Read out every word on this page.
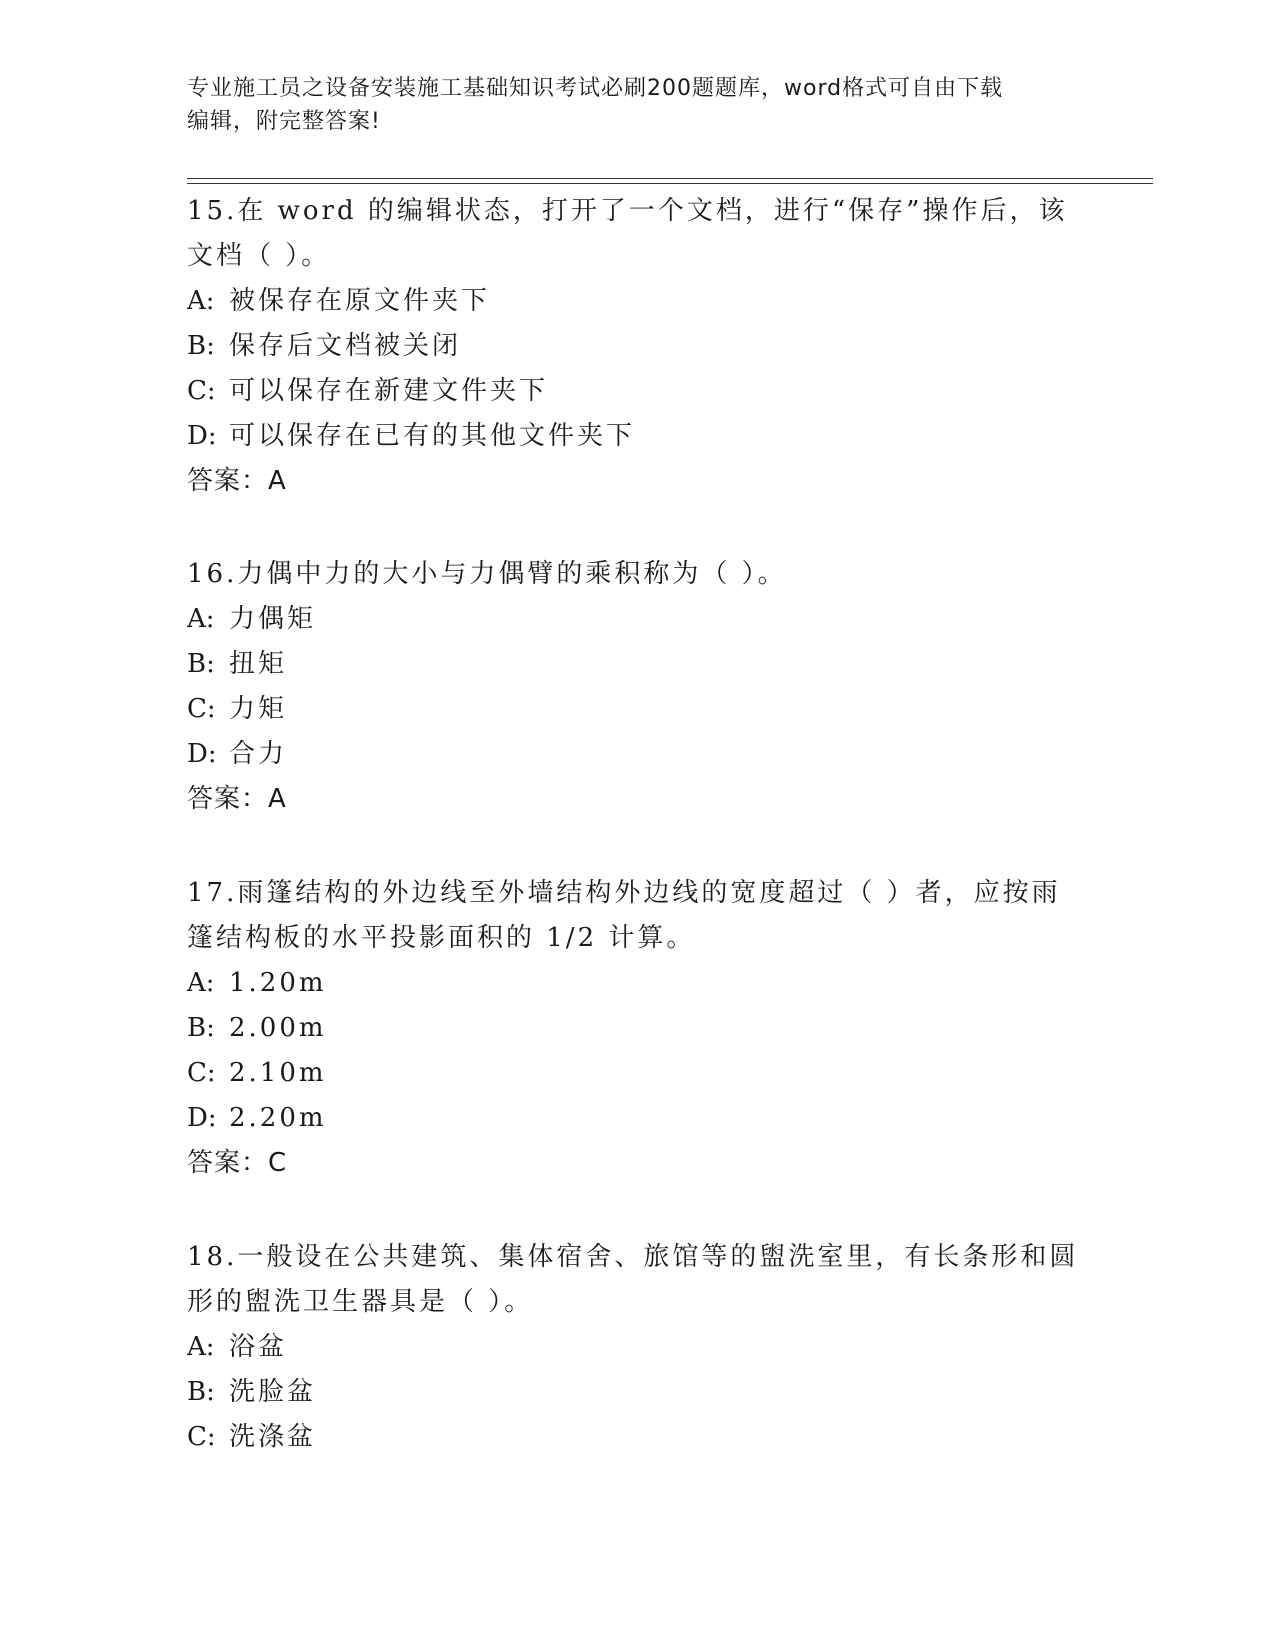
专业施工员之设备安装施工基础知识考试必刷200题题库，word格式可自由下载
编辑，附完整答案!

15.在 word 的编辑状态，打开了一个文档，进行“保存”操作后，该

文档（ ）。

A: 被保存在原文件夹下

B: 保存后文档被关闭

C: 可以保存在新建文件夹下

D: 可以保存在已有的其他文件夹下

答案：A

16.力偶中力的大小与力偶臂的乘积称为（ ）。

A: 力偶矩

B: 扭矩

C: 力矩

D: 合力

答案：A

17.雨篷结构的外边线至外墙结构外边线的宽度超过（ ）者，应按雨

篷结构板的水平投影面积的 1/2 计算。

A: 1.20m

B: 2.00m

C: 2.10m

D: 2.20m

答案：C

18.一般设在公共建筑、集体宿舍、旅馆等的盥洗室里，有长条形和圆

形的盥洗卫生器具是（ ）。

A: 浴盆

B: 洗脸盆

C: 洗涤盆
